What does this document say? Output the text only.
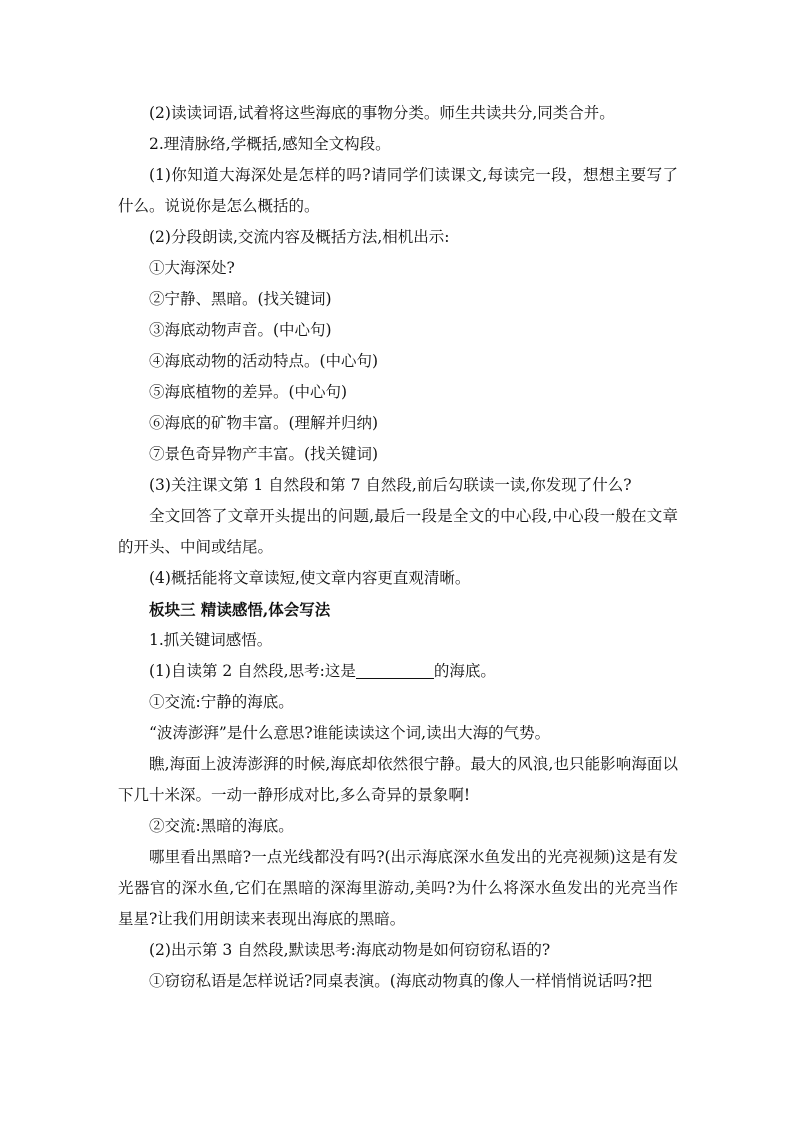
(2)读读词语,试着将这些海底的事物分类。师生共读共分,同类合并。

2.理清脉络,学概括,感知全文构段。

(1)你知道大海深处是怎样的吗?请同学们读课文,每读完一段，想想主要写了什么。说说你是怎么概括的。

(2)分段朗读,交流内容及概括方法,相机出示:

①大海深处?

②宁静、黑暗。(找关键词)

③海底动物声音。(中心句)

④海底动物的活动特点。(中心句)

⑤海底植物的差异。(中心句)

⑥海底的矿物丰富。(理解并归纳)

⑦景色奇异物产丰富。(找关键词)

(3)关注课文第 1 自然段和第 7 自然段,前后勾联读一读,你发现了什么?

全文回答了文章开头提出的问题,最后一段是全文的中心段,中心段一般在文章的开头、中间或结尾。

(4)概括能将文章读短,使文章内容更直观清晰。

板块三 精读感悟,体会写法

1.抓关键词感悟。

(1)自读第 2 自然段,思考:这是	的海底。

①交流:宁静的海底。

“波涛澎湃”是什么意思?谁能读读这个词,读出大海的气势。

瞧,海面上波涛澎湃的时候,海底却依然很宁静。最大的风浪,也只能影响海面以下几十米深。一动一静形成对比,多么奇异的景象啊!

②交流:黑暗的海底。

哪里看出黑暗?一点光线都没有吗?(出示海底深水鱼发出的光亮视频)这是有发光器官的深水鱼,它们在黑暗的深海里游动,美吗?为什么将深水鱼发出的光亮当作星星?让我们用朗读来表现出海底的黑暗。

(2)出示第 3 自然段,默读思考:海底动物是如何窃窃私语的?

①窃窃私语是怎样说话?同桌表演。(海底动物真的像人一样悄悄说话吗?把
